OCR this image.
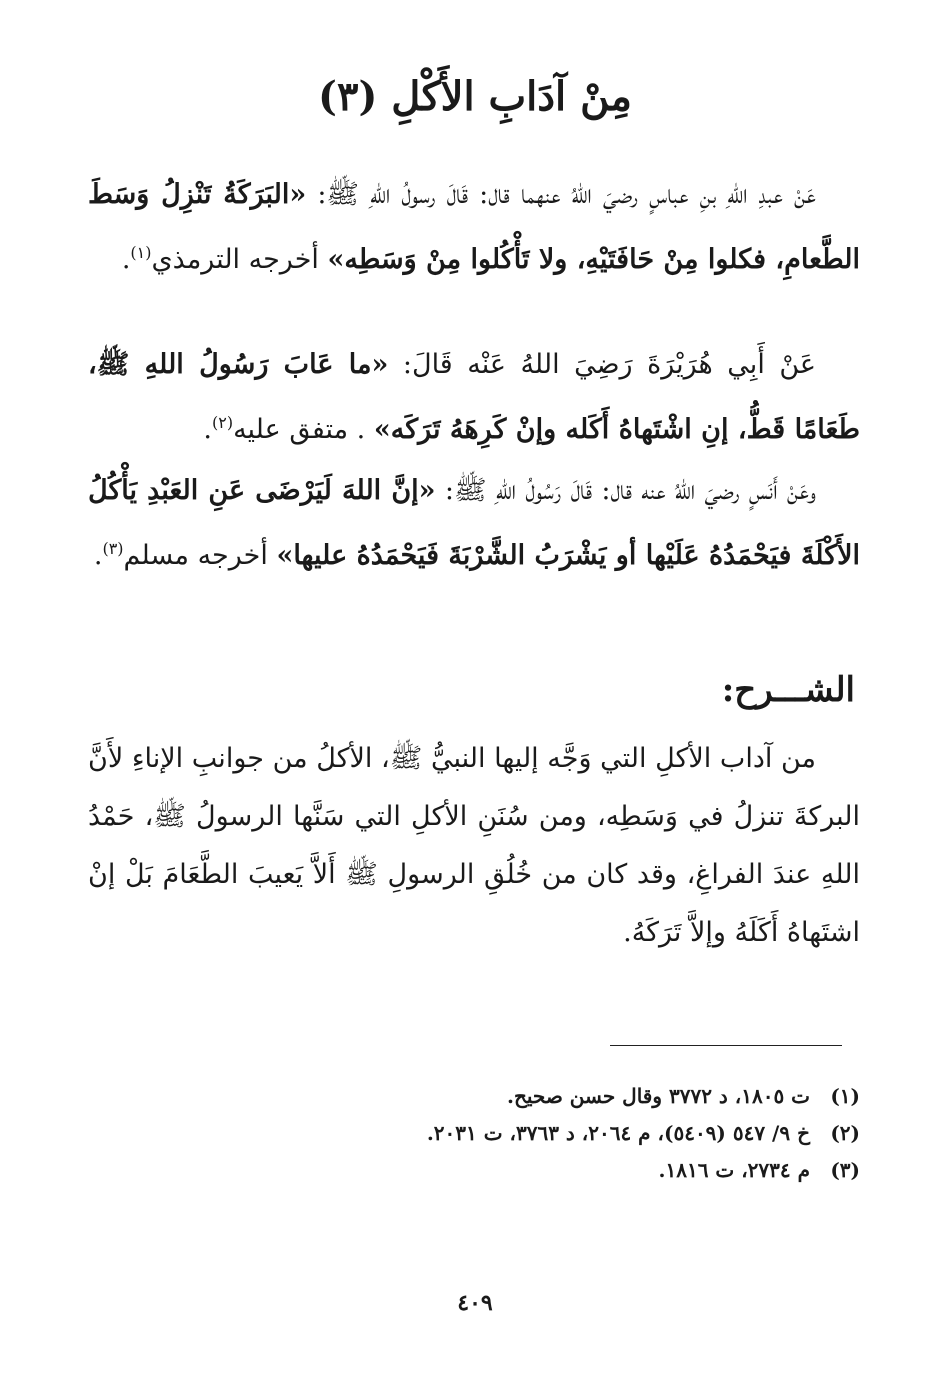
مِنْ آدَابِ الأَكْلِ (٣)
عَنْ عبدِ اللهِ بنِ عباسٍ رضيَ اللهُ عنهما قال: قَالَ رسولُ اللهِ ﷺ: «البَرَكَةُ تَنْزِلُ وَسَطَ الطَّعامِ، فكلوا مِنْ حَافَتَيْهِ، ولا تَأْكُلوا مِنْ وَسَطِه» أخرجه الترمذي$^{(١)}$.
عَنْ أَبِي هُرَيْرَةَ رَضِيَ اللهُ عَنْه قَالَ: «ما عَابَ رَسُولُ اللهِ ﷺ، طَعَامًا قَطُّ، إنِ اشْتَهاهُ أَكَله وإنْ كَرِهَهُ تَرَكَه» . متفق عليه$^{(٢)}$.
وعَنْ أَنَسٍ رضيَ اللهُ عنه قال: قَالَ رَسُولُ اللهِ ﷺ: «إنَّ اللهَ لَيَرْضَى عَنِ العَبْدِ يَأْكُلُ الأَكْلَةَ فيَحْمَدُهُ عَلَيْها أو يَشْرَبُ الشَّرْبَةَ فَيَحْمَدُهُ عليها» أخرجه مسلم$^{(٣)}$.
الشـــرح:
من آداب الأكلِ التي وَجَّه إليها النبيُّ ﷺ، الأكلُ من جوانبِ الإناءِ لأَنَّ البركةَ تنزلُ في وَسَطِه، ومن سُنَنِ الأكلِ التي سَنَّها الرسولُ ﷺ، حَمْدُ اللهِ عندَ الفراغِ، وقد كان من خُلُقِ الرسولِ ﷺ أَلاَّ يَعيبَ الطَّعَامَ بَلْ إنْ اشتَهاهُ أَكَلَهُ وإلاَّ تَرَكَهُ.
(١)
ت ١٨٠٥، د ٣٧٧٢ وقال حسن صحيح.
(٢)
خ ٩/ ٥٤٧ (٥٤٠٩)، م ٢٠٦٤، د ٣٧٦٣، ت ٢٠٣١.
(٣)
م ٢٧٣٤، ت ١٨١٦.
٤٠٩
